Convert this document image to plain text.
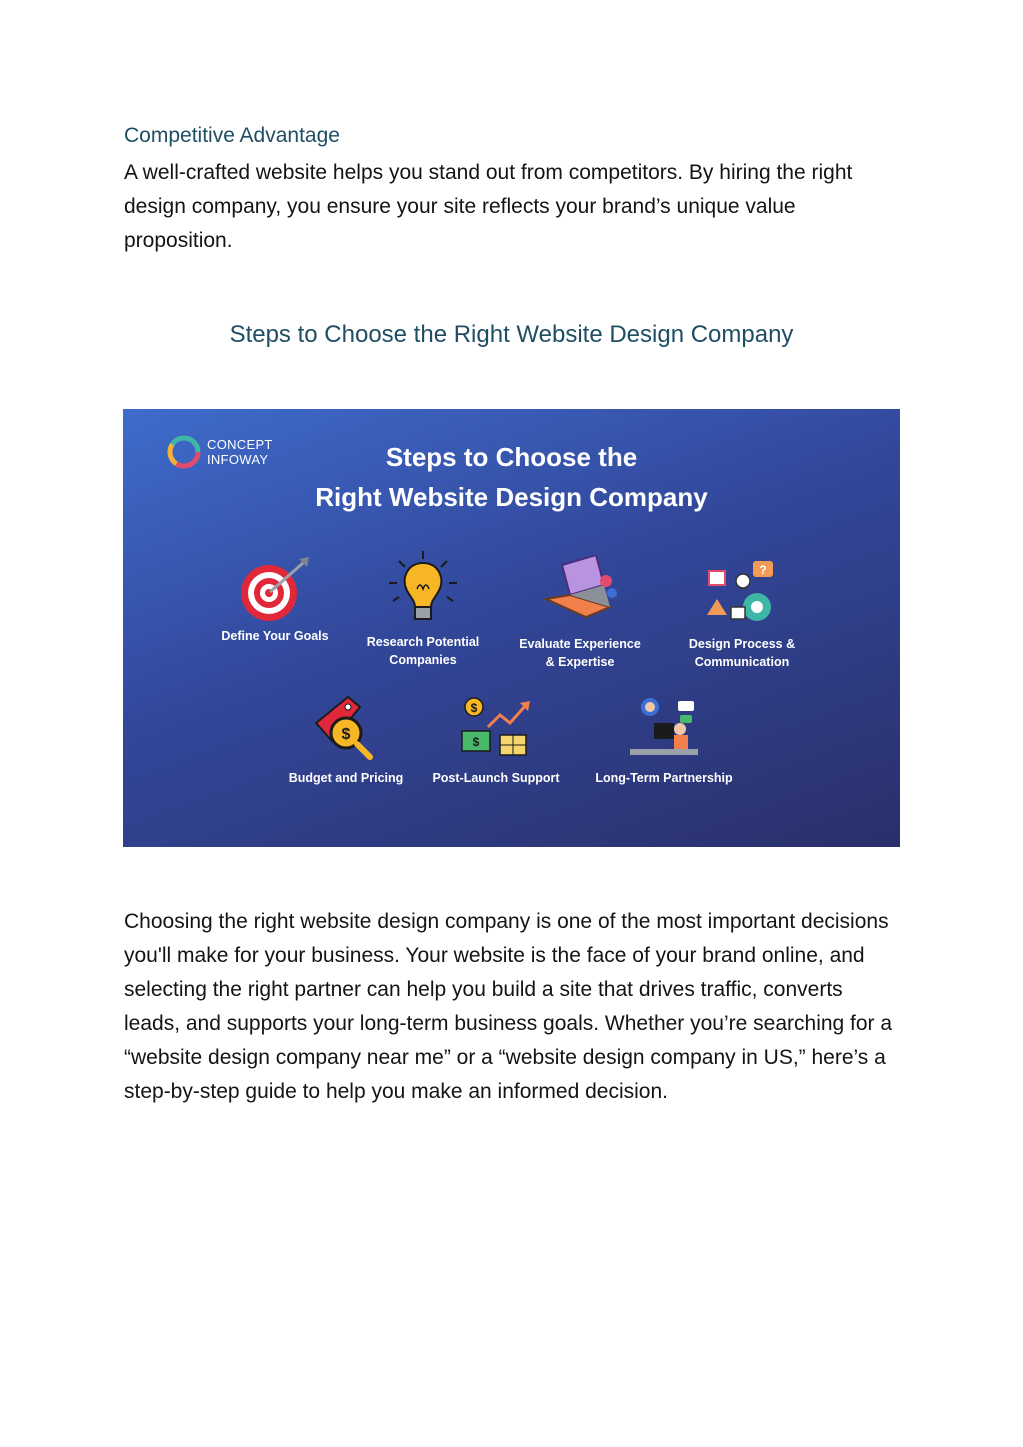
Competitive Advantage

A well-crafted website helps you stand out from competitors. By hiring the right design company, you ensure your site reflects your brand’s unique value proposition.

Steps to Choose the Right Website Design Company
CONCEPT
INFOWAY	Steps to Choose the
Right Website Design Company
Define Your Goals	Research Potential
Companies
Evaluate Experience
& Expertise
?
Design Process &
Communication
$
Budget and Pricing
$
$
Post-Launch Support	Long-Term Partnership

Choosing the right website design company is one of the most important decisions you'll make for your business. Your website is the face of your brand online, and selecting the right partner can help you build a site that drives traffic, converts leads, and supports your long-term business goals. Whether you’re searching for a “website design company near me” or a “website design company in US,” here’s a step-by-step guide to help you make an informed decision.
